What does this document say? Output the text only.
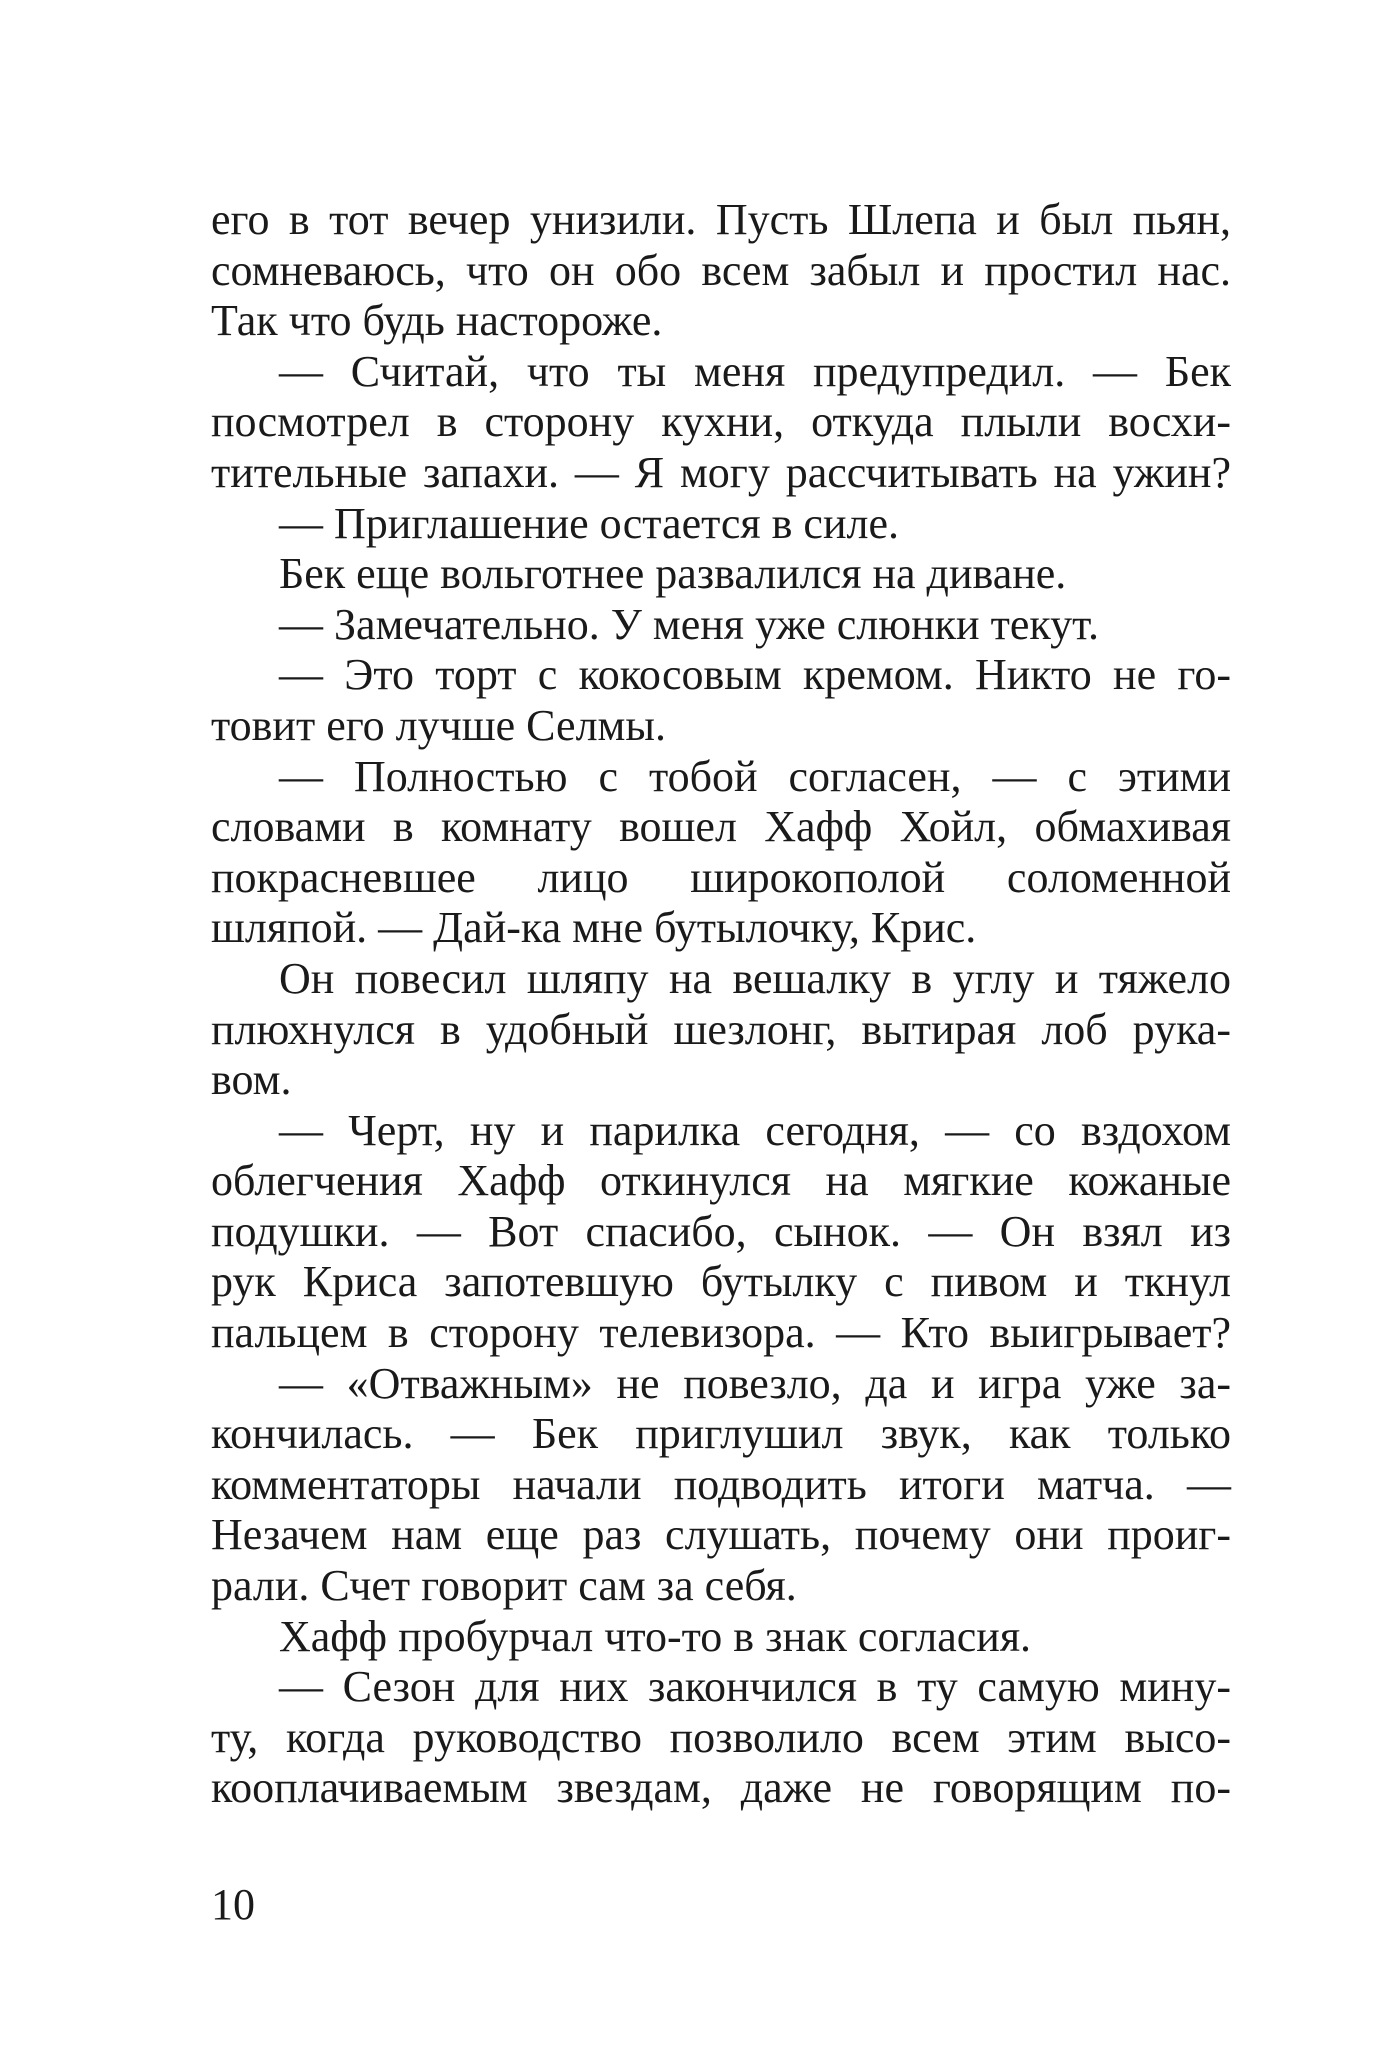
его в тот вечер унизили. Пусть Шлепа и был пьян,
сомневаюсь, что он обо всем забыл и простил нас.
Так что будь настороже.
— Считай, что ты меня предупредил. — Бек
посмотрел в сторону кухни, откуда плыли восхи-
тительные запахи. — Я могу рассчитывать на ужин?
— Приглашение остается в силе.
Бек еще вольготнее развалился на диване.
— Замечательно. У меня уже слюнки текут.
— Это торт с кокосовым кремом. Никто не го-
товит его лучше Селмы.
— Полностью с тобой согласен, — с этими
словами в комнату вошел Хафф Хойл, обмахивая
покрасневшее лицо широкополой соломенной
шляпой. — Дай-ка мне бутылочку, Крис.
Он повесил шляпу на вешалку в углу и тяжело
плюхнулся в удобный шезлонг, вытирая лоб рука-
вом.
— Черт, ну и парилка сегодня, — со вздохом
облегчения Хафф откинулся на мягкие кожаные
подушки. — Вот спасибо, сынок. — Он взял из
рук Криса запотевшую бутылку с пивом и ткнул
пальцем в сторону телевизора. — Кто выигрывает?
— «Отважным» не повезло, да и игра уже за-
кончилась. — Бек приглушил звук, как только
комментаторы начали подводить итоги матча. —
Незачем нам еще раз слушать, почему они проиг-
рали. Счет говорит сам за себя.
Хафф пробурчал что-то в знак согласия.
— Сезон для них закончился в ту самую мину-
ту, когда руководство позволило всем этим высо-
кооплачиваемым звездам, даже не говорящим по-
10
